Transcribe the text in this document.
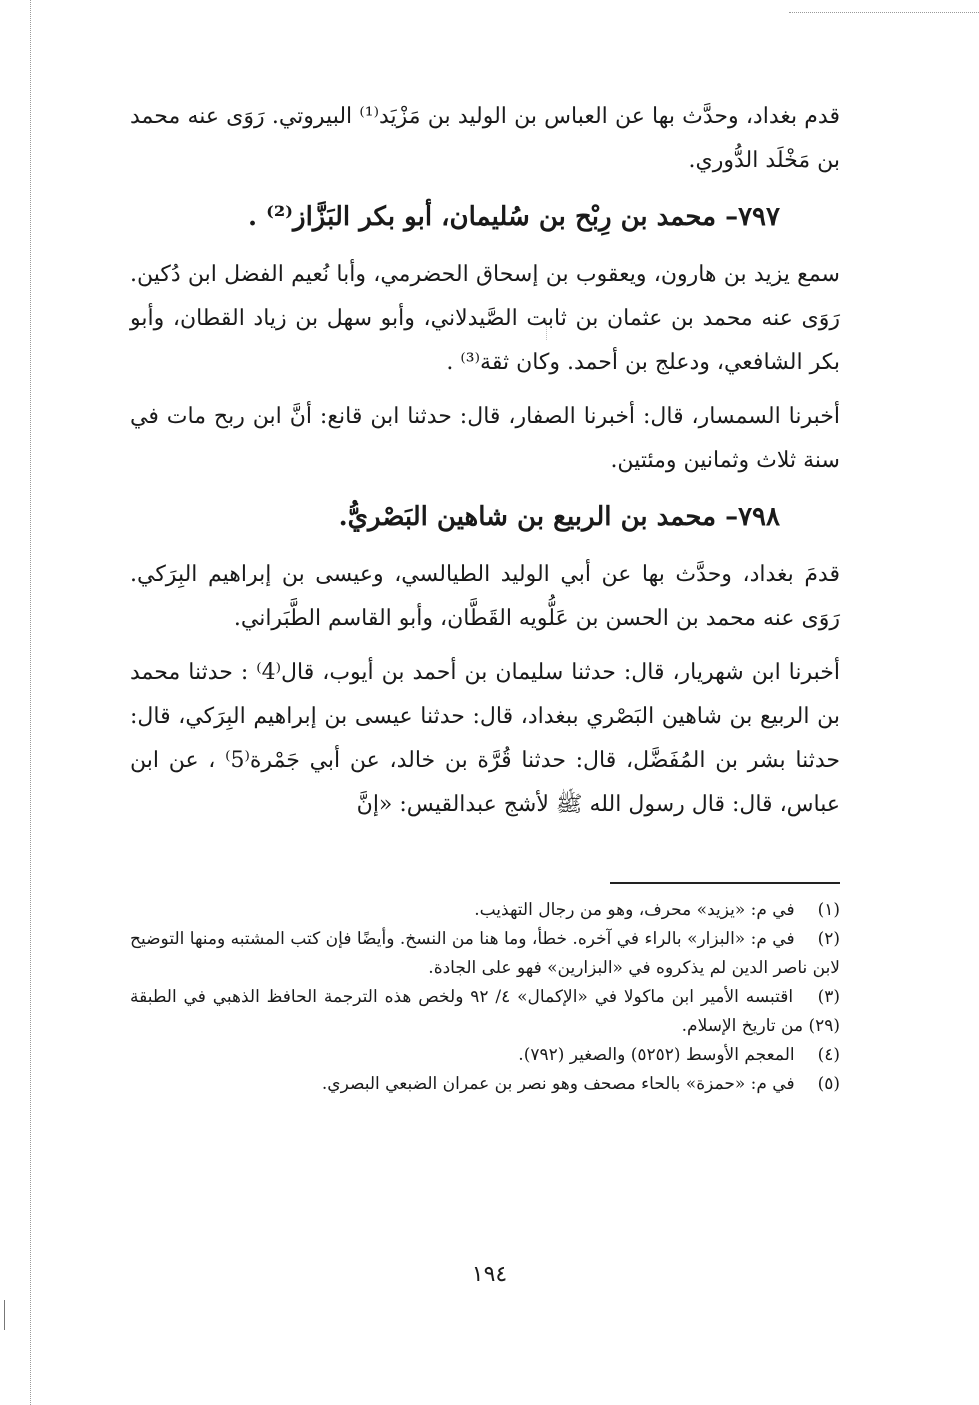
قدم بغداد، وحدَّث بها عن العباس بن الوليد بن مَزْيَد⁽¹⁾ البيروتي. رَوَى عنه محمد بن مَخْلَد الدُّوري.

٧٩٧– محمد بن رِبْح بن سُليمان، أبو بكر البَزَّاز⁽²⁾ .

سمع يزيد بن هارون، ويعقوب بن إسحاق الحضرمي، وأبا نُعيم الفضل ابن دُكين. رَوَى عنه محمد بن عثمان بن ثابت الصَّيدلاني، وأبو سهل بن زياد القطان، وأبو بكر الشافعي، ودعلج بن أحمد. وكان ثقة⁽³⁾ .

أخبرنا السمسار، قال: أخبرنا الصفار، قال: حدثنا ابن قانع: أنَّ ابن ربح مات في سنة ثلاث وثمانين ومئتين.

٧٩٨– محمد بن الربيع بن شاهين البَصْريُّ.

قدمَ بغداد، وحدَّث بها عن أبي الوليد الطيالسي، وعيسى بن إبراهيم البِرَكي. رَوَى عنه محمد بن الحسن بن عَلُّويه القَطَّان، وأبو القاسم الطَّبَراني.

أخبرنا ابن شهريار، قال: حدثنا سليمان بن أحمد بن أيوب، قال⁽4⁾ : حدثنا محمد بن الربيع بن شاهين البَصْري ببغداد، قال: حدثنا عيسى بن إبراهيم البِرَكي، قال: حدثنا بشر بن المُفَضَّل، قال: حدثنا قُرَّة بن خالد، عن أبي جَمْرة⁽5⁾ ، عن ابن عباس، قال: قال رسول الله ﷺ لأشج عبدالقيس: «إنَّ

(١) في م: «يزيد» محرف، وهو من رجال التهذيب.

(٢) في م: «البزار» بالراء في آخره. خطأ، وما هنا من النسخ. وأيضًا فإن كتب المشتبه ومنها التوضيح لابن ناصر الدين لم يذكروه في «البزارين» فهو على الجادة.

(٣) اقتبسه الأمير ابن ماكولا في «الإكمال» ٤/ ٩٢ ولخص هذه الترجمة الحافظ الذهبي في الطبقة (٢٩) من تاريخ الإسلام.

(٤) المعجم الأوسط (٥٢٥٢) والصغير (٧٩٢).

(٥) في م: «حمزة» بالحاء مصحف وهو نصر بن عمران الضبعي البصري.

١٩٤
